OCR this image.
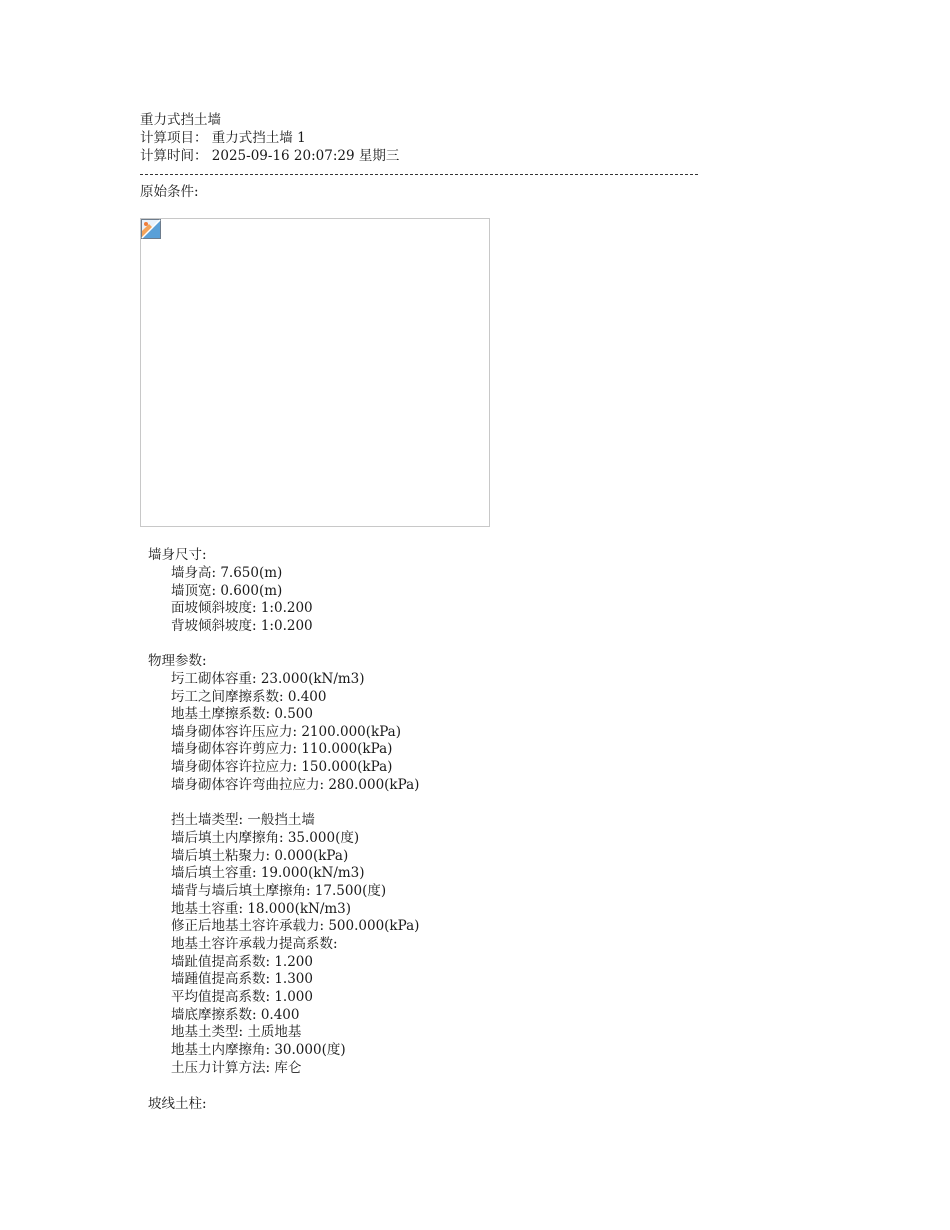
重力式挡土墙
计算项目： 重力式挡土墙 1
计算时间： 2025-09-16 20:07:29 星期三
原始条件:
墙身尺寸:
墙身高: 7.650(m)
墙顶宽: 0.600(m)
面坡倾斜坡度: 1:0.200
背坡倾斜坡度: 1:0.200
物理参数:
圬工砌体容重: 23.000(kN/m3)
圬工之间摩擦系数: 0.400
地基土摩擦系数: 0.500
墙身砌体容许压应力: 2100.000(kPa)
墙身砌体容许剪应力: 110.000(kPa)
墙身砌体容许拉应力: 150.000(kPa)
墙身砌体容许弯曲拉应力: 280.000(kPa)
挡土墙类型: 一般挡土墙
墙后填土内摩擦角: 35.000(度)
墙后填土粘聚力: 0.000(kPa)
墙后填土容重: 19.000(kN/m3)
墙背与墙后填土摩擦角: 17.500(度)
地基土容重: 18.000(kN/m3)
修正后地基土容许承载力: 500.000(kPa)
地基土容许承载力提高系数:
墙趾值提高系数: 1.200
墙踵值提高系数: 1.300
平均值提高系数: 1.000
墙底摩擦系数: 0.400
地基土类型: 土质地基
地基土内摩擦角: 30.000(度)
土压力计算方法: 库仑
坡线土柱:
